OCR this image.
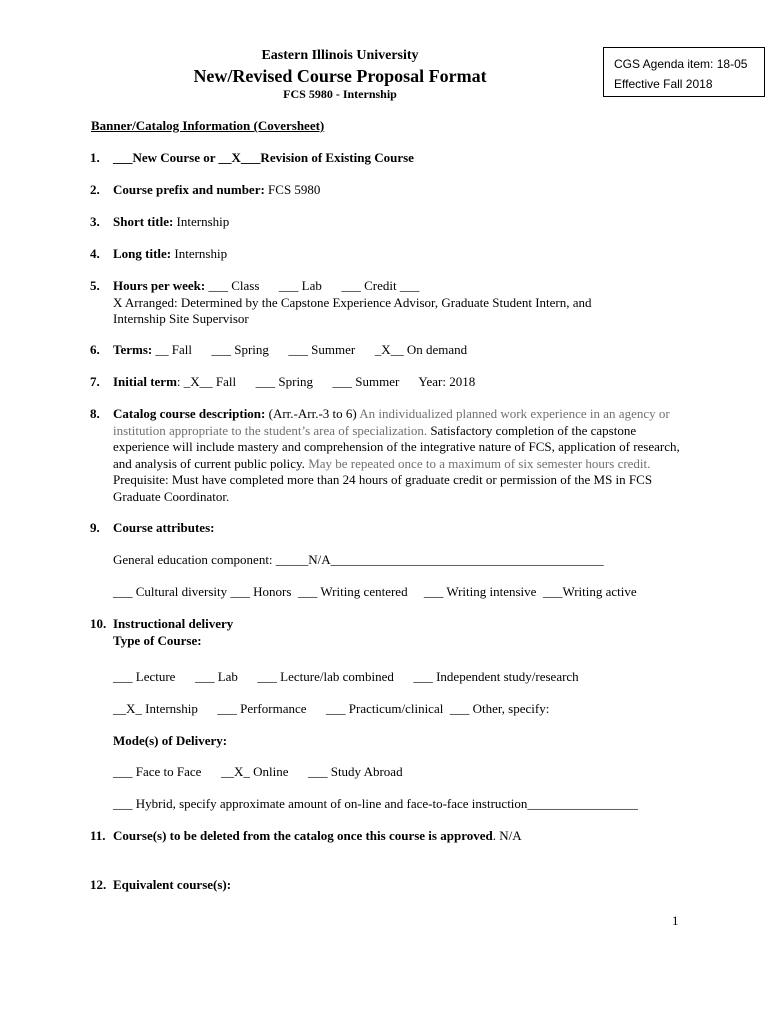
Eastern Illinois University
New/Revised Course Proposal Format
FCS 5980 - Internship
CGS Agenda item: 18-05
Effective Fall 2018
Banner/Catalog Information (Coversheet)
1. ___New Course or __X___Revision of Existing Course
2. Course prefix and number: FCS 5980
3. Short title: Internship
4. Long title: Internship
5. Hours per week: ___ Class      ___ Lab      ___ Credit ___
X Arranged: Determined by the Capstone Experience Advisor, Graduate Student Intern, and
Internship Site Supervisor
6. Terms: __ Fall      ___ Spring      ___ Summer      _X__ On demand
7. Initial term: _X__ Fall      ___ Spring      ___ Summer      Year: 2018
8. Catalog course description: (Arr.-Arr.-3 to 6) An individualized planned work experience in an agency or institution appropriate to the student’s area of specialization. Satisfactory completion of the capstone experience will include mastery and comprehension of the integrative nature of FCS, application of research, and analysis of current public policy. May be repeated once to a maximum of six semester hours credit. Prequisite: Must have completed more than 24 hours of graduate credit or permission of the MS in FCS Graduate Coordinator.
9. Course attributes:
General education component: _____N/A__________________________________________
___ Cultural diversity ___ Honors  ___ Writing centered     ___ Writing intensive  ___Writing active
10. Instructional delivery
Type of Course:
___ Lecture      ___ Lab      ___ Lecture/lab combined      ___ Independent study/research
__X_ Internship      ___ Performance      ___ Practicum/clinical  ___ Other, specify:
Mode(s) of Delivery:
___ Face to Face      __X_ Online      ___ Study Abroad
___ Hybrid, specify approximate amount of on-line and face-to-face instruction_________________
11. Course(s) to be deleted from the catalog once this course is approved. N/A
12. Equivalent course(s):
1
